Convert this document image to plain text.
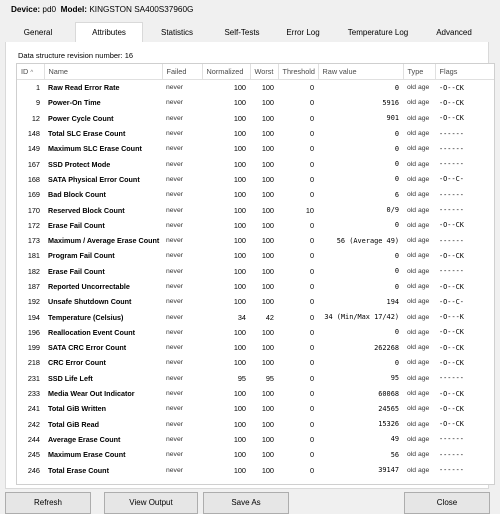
Device: pd0 Model: KINGSTON SA400S37960G
General	Attributes	Statistics	Self-Tests	Error Log	Temperature Log	Advanced
Data structure revision number: 16
ID ^	Name	Failed	Normalized	Worst	Threshold	Raw value	Type	Flags
1	Raw Read Error Rate	never	100	100	0	0	old age	-O--CK
9	Power-On Time	never	100	100	0	5916	old age	-O--CK
12	Power Cycle Count	never	100	100	0	901	old age	-O--CK
148	Total SLC Erase Count	never	100	100	0	0	old age	------
149	Maximum SLC Erase Count	never	100	100	0	0	old age	------
167	SSD Protect Mode	never	100	100	0	0	old age	------
168	SATA Physical Error Count	never	100	100	0	0	old age	-O--C-
169	Bad Block Count	never	100	100	0	6	old age	------
170	Reserved Block Count	never	100	100	10	0/9	old age	------
172	Erase Fail Count	never	100	100	0	0	old age	-O--CK
173	Maximum / Average Erase Count	never	100	100	0	56 (Average 49)	old age	------
181	Program Fail Count	never	100	100	0	0	old age	-O--CK
182	Erase Fail Count	never	100	100	0	0	old age	------
187	Reported Uncorrectable	never	100	100	0	0	old age	-O--CK
192	Unsafe Shutdown Count	never	100	100	0	194	old age	-O--C-
194	Temperature (Celsius)	never	34	42	0	34 (Min/Max 17/42)	old age	-O---K
196	Reallocation Event Count	never	100	100	0	0	old age	-O--CK
199	SATA CRC Error Count	never	100	100	0	262268	old age	-O--CK
218	CRC Error Count	never	100	100	0	0	old age	-O--CK
231	SSD Life Left	never	95	95	0	95	old age	------
233	Media Wear Out Indicator	never	100	100	0	60068	old age	-O--CK
241	Total GiB Written	never	100	100	0	24565	old age	-O--CK
242	Total GiB Read	never	100	100	0	15326	old age	-O--CK
244	Average Erase Count	never	100	100	0	49	old age	------
245	Maximum Erase Count	never	100	100	0	56	old age	------
246	Total Erase Count	never	100	100	0	39147	old age	------
Refresh	View Output	Save As	Close
